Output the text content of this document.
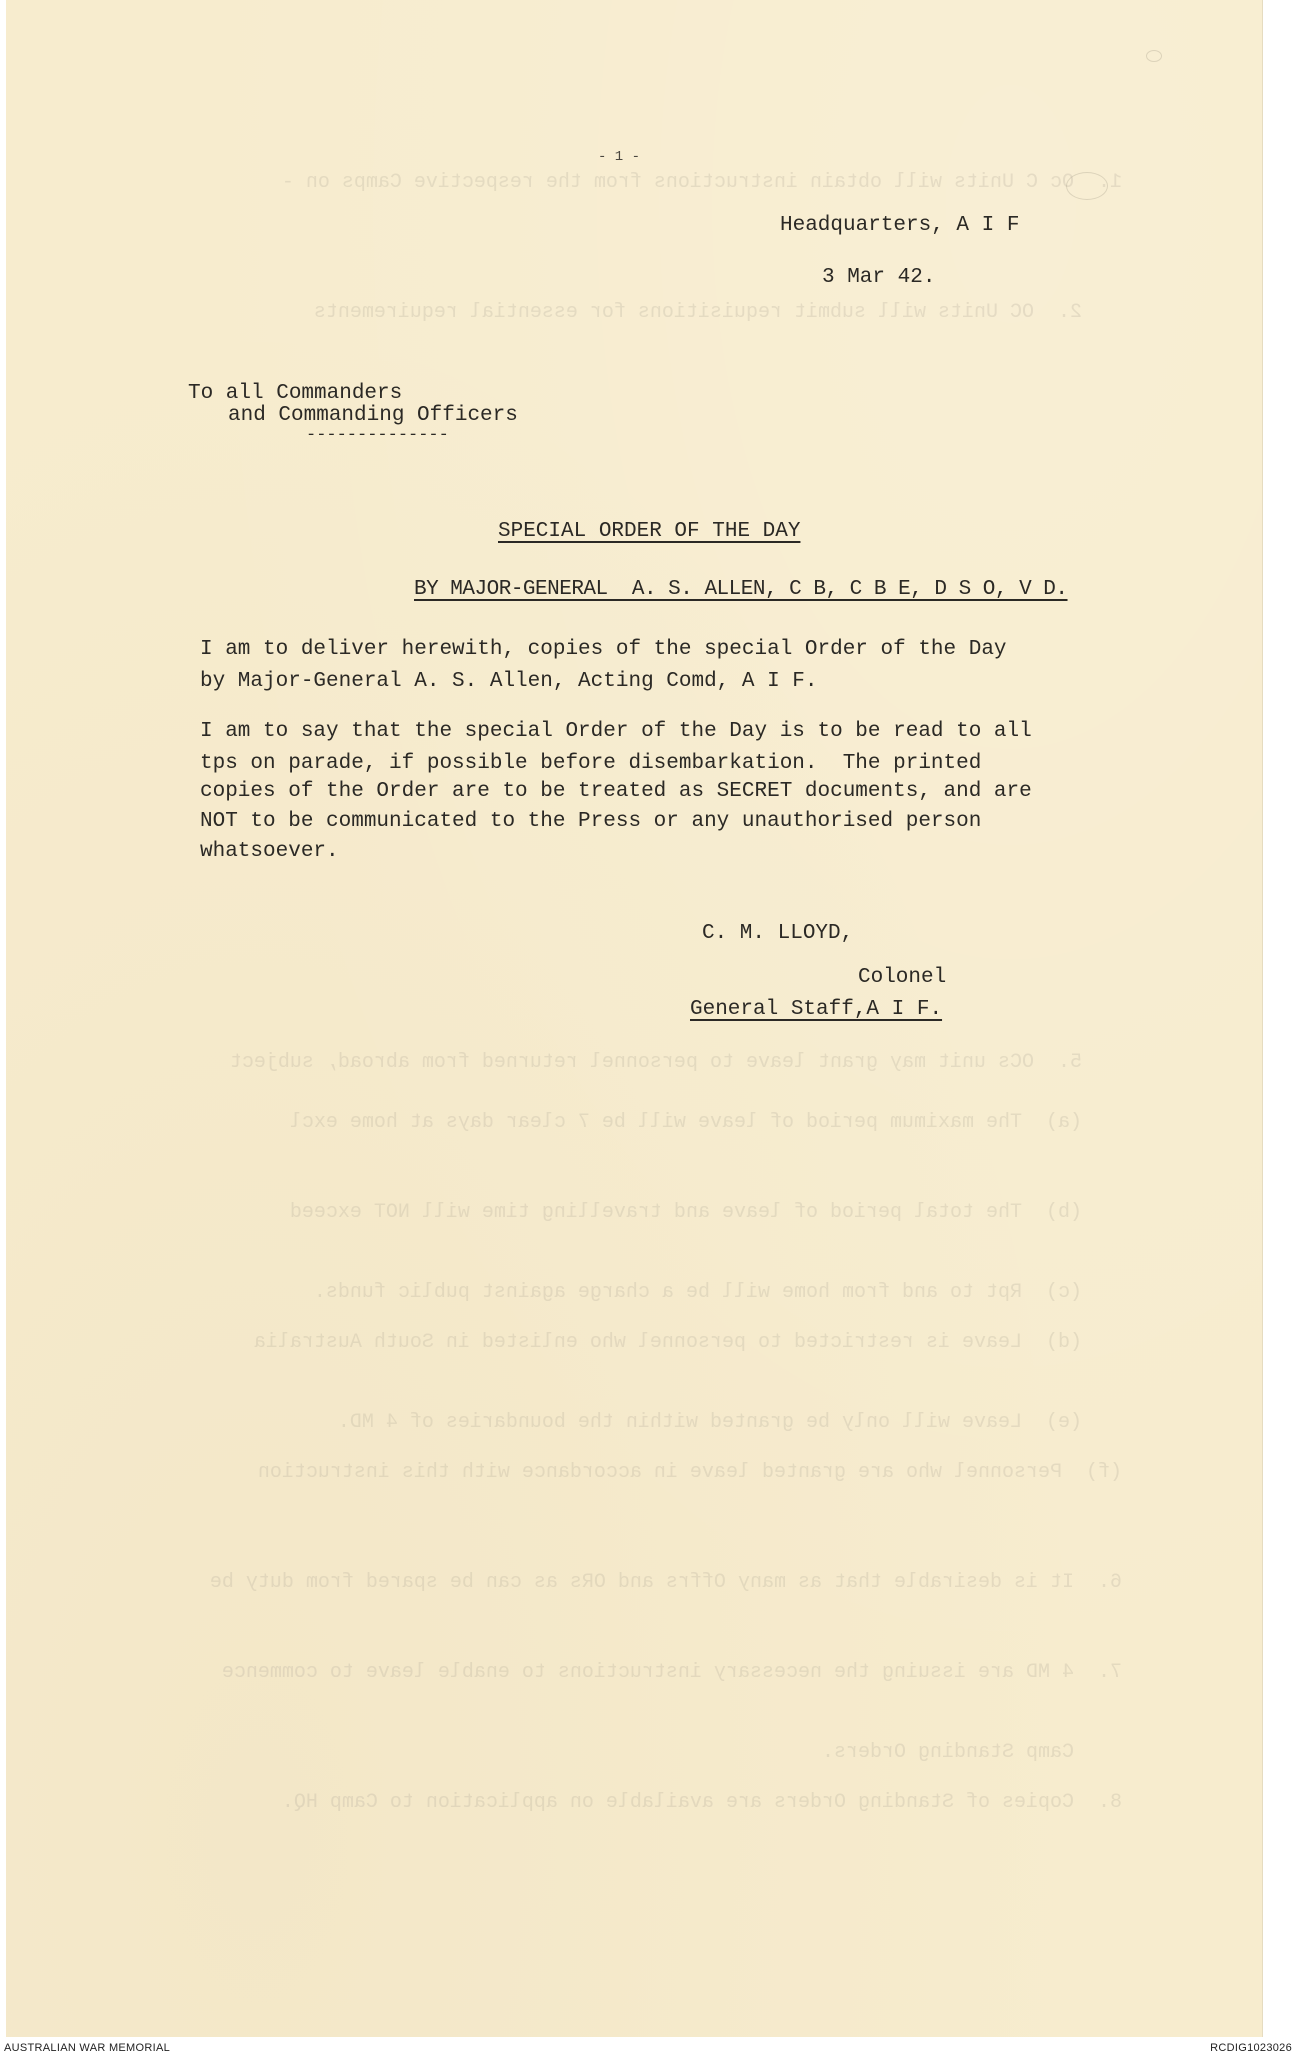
1.  Oc C Units will obtain instructions from the respective Camps on -
2.  OC Units will submit requisitions for essential requirements
5.  OCs unit may grant leave to personnel returned from abroad, subject
(a)  The maximum period of leave will be 7 clear days at home excl
(b)  The total period of leave and travelling time will NOT exceed
(c)  Rpt to and from home will be a charge against public funds.
(d)  Leave is restricted to personnel who enlisted in South Australia
(e)  Leave will only be granted within the boundaries of 4 MD.
(f)  Personnel who are granted leave in accordance with this instruction
6.  It is desirable that as many Offrs and ORs as can be spared from duty be
7.  4 MD are issuing the necessary instructions to enable leave to commence
Camp Standing Orders.
8.  Copies of Standing Orders are available on application to Camp HQ.
- 1 -
Headquarters, A I F
3 Mar 42.
To all Commanders
and Commanding Officers
--------------
SPECIAL ORDER OF THE DAY
BY MAJOR-GENERAL  A. S. ALLEN, C B, C B E, D S O, V D.
I am to deliver herewith, copies of the special Order of the Day
by Major-General A. S. Allen, Acting Comd, A I F.
I am to say that the special Order of the Day is to be read to all
tps on parade, if possible before disembarkation.  The printed
copies of the Order are to be treated as SECRET documents, and are
NOT to be communicated to the Press or any unauthorised person
whatsoever.
C. M. LLOYD,
Colonel
General Staff,A I F.
AUSTRALIAN WAR MEMORIAL	RCDIG1023026
